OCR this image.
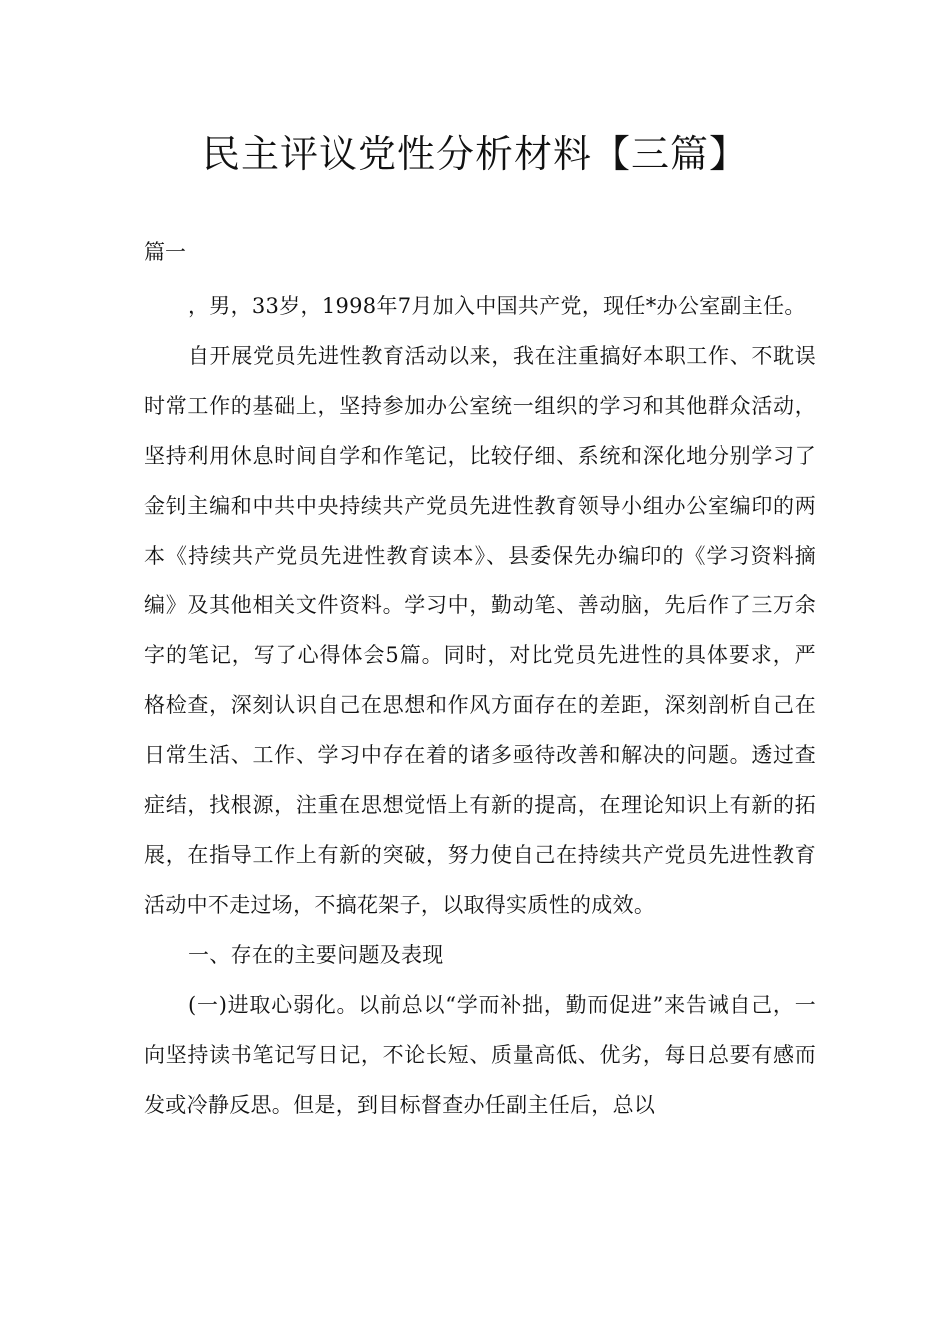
民主评议党性分析材料【三篇】

篇一

，男，33岁，1998年7月加入中国共产党，现任*办公室副主任。

自开展党员先进性教育活动以来，我在注重搞好本职工作、不耽误时常工作的基础上，坚持参加办公室统一组织的学习和其他群众活动，坚持利用休息时间自学和作笔记，比较仔细、系统和深化地分别学习了金钊主编和中共中央持续共产党员先进性教育领导小组办公室编印的两本《持续共产党员先进性教育读本》、县委保先办编印的《学习资料摘编》及其他相关文件资料。学习中，勤动笔、善动脑，先后作了三万余字的笔记，写了心得体会5篇。同时，对比党员先进性的具体要求，严格检查，深刻认识自己在思想和作风方面存在的差距，深刻剖析自己在日常生活、工作、学习中存在着的诸多亟待改善和解决的问题。透过查症结，找根源，注重在思想觉悟上有新的提高，在理论知识上有新的拓展，在指导工作上有新的突破，努力使自己在持续共产党员先进性教育活动中不走过场，不搞花架子，以取得实质性的成效。

一、存在的主要问题及表现

(一)进取心弱化。以前总以“学而补拙，勤而促进”来告诫自己，一向坚持读书笔记写日记，不论长短、质量高低、优劣，每日总要有感而发或冷静反思。但是，到目标督查办任副主任后，总以
